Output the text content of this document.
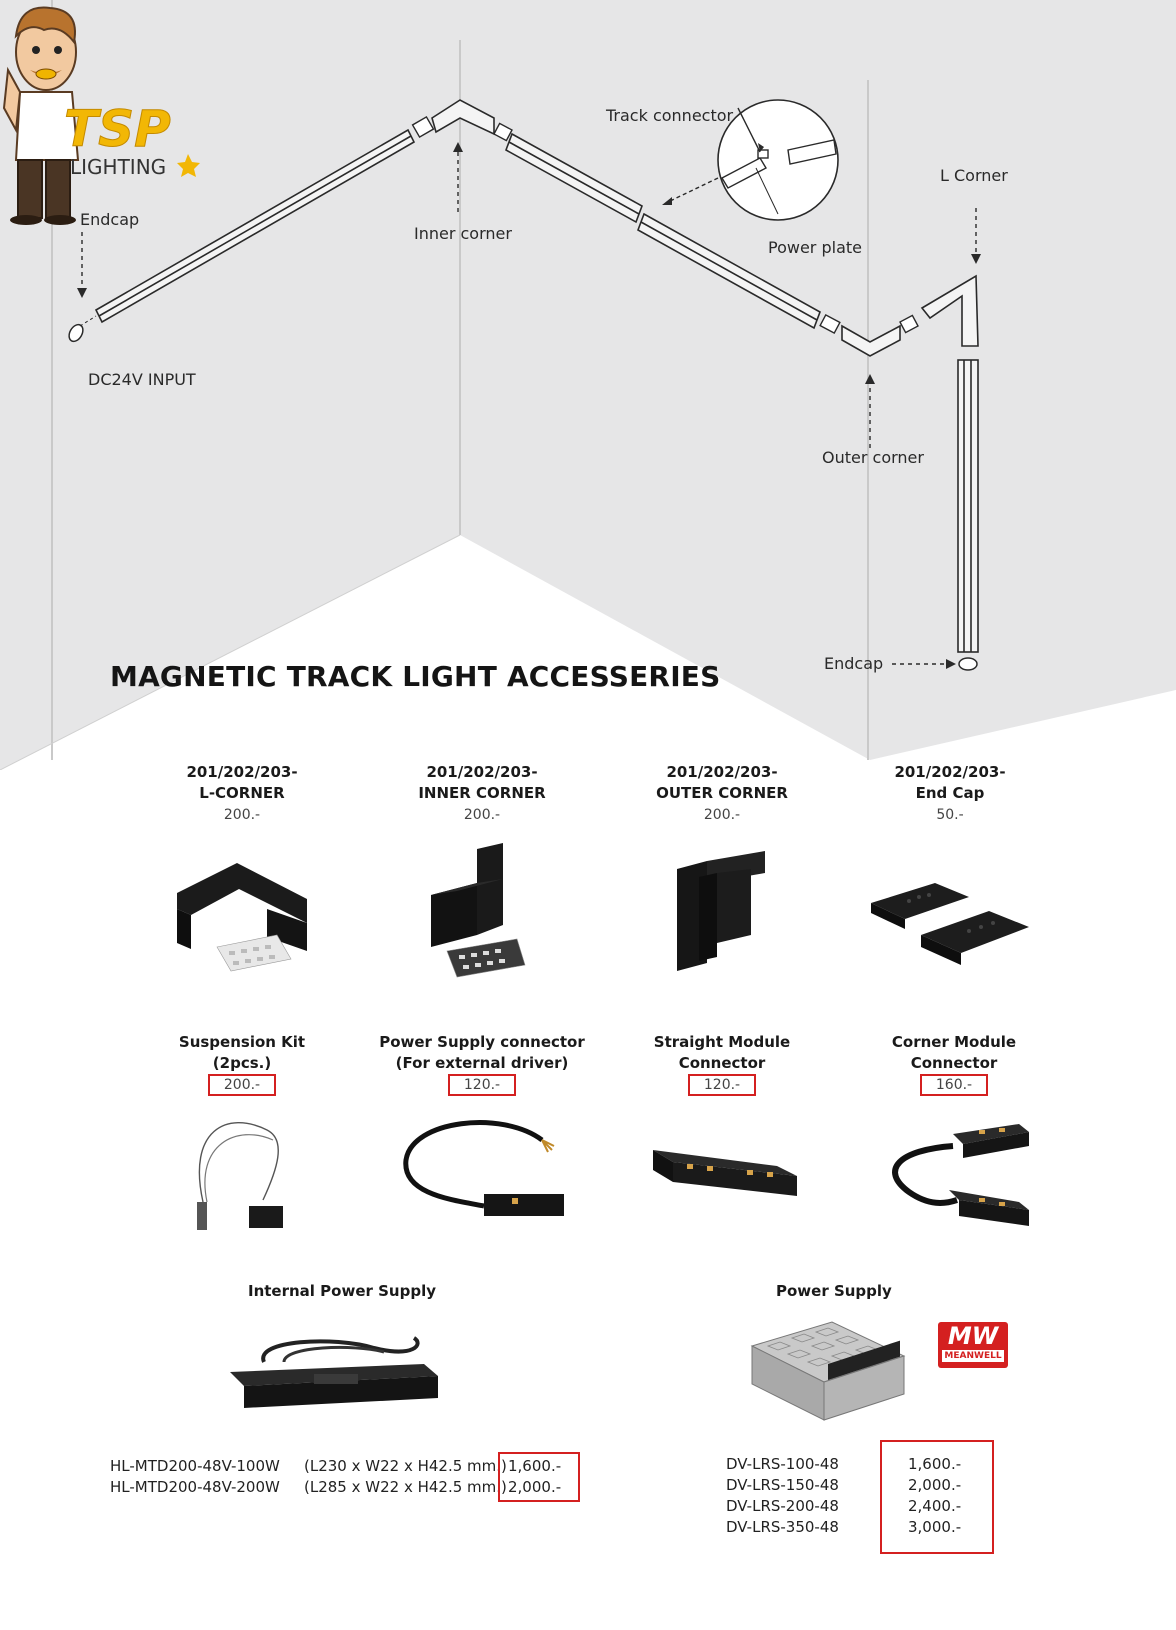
TSP
LIGHTING
Endcap
Inner corner
Track connector
Power plate
L Corner
DC24V INPUT
Outer corner
Endcap
MAGNETIC TRACK LIGHT ACCESSERIES
201/202/203-
L-CORNER
200.-
201/202/203-
INNER CORNER
200.-
201/202/203-
OUTER CORNER
200.-
201/202/203-
End Cap
50.-
Suspension Kit
(2pcs.)
200.-
Power Supply connector
(For external driver)
120.-
Straight Module
Connector
120.-
Corner Module
Connector
160.-
Internal Power Supply
HL-MTD200-48V-100W (L230 x W22 x H42.5 mm.)
HL-MTD200-48V-200W (L285 x W22 x H42.5 mm.)
1,600.-
2,000.-
Power Supply
MW
MEANWELL
DV-LRS-100-48
DV-LRS-150-48
DV-LRS-200-48
DV-LRS-350-48
1,600.-
2,000.-
2,400.-
3,000.-
